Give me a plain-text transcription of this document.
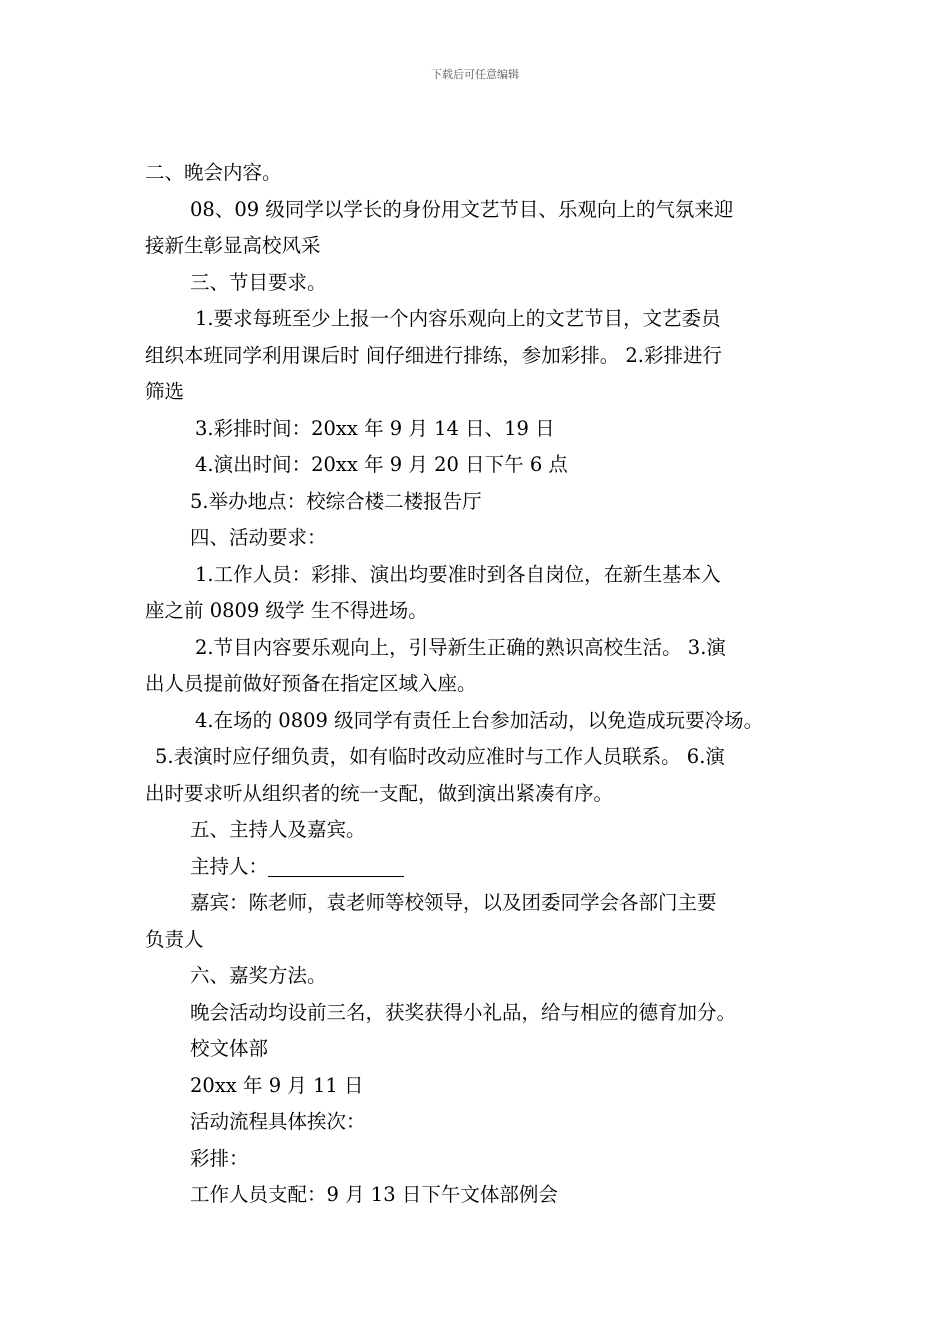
下载后可任意编辑

二、晚会内容。

08、09 级同学以学长的身份用文艺节目、乐观向上的气氛来迎

接新生彰显高校风采

三、节目要求。

1.要求每班至少上报一个内容乐观向上的文艺节目，文艺委员

组织本班同学利用课后时 间仔细进行排练，参加彩排。 2.彩排进行

筛选

3.彩排时间：20xx 年 9 月 14 日、19 日

4.演出时间：20xx 年 9 月 20 日下午 6 点

5.举办地点：校综合楼二楼报告厅

四、活动要求：

1.工作人员：彩排、演出均要准时到各自岗位，在新生基本入

座之前 0809 级学 生不得进场。

2.节目内容要乐观向上，引导新生正确的熟识高校生活。 3.演

出人员提前做好预备在指定区域入座。

4.在场的 0809 级同学有责任上台参加活动，以免造成玩要冷场。

5.表演时应仔细负责，如有临时改动应准时与工作人员联系。 6.演

出时要求听从组织者的统一支配，做到演出紧凑有序。

五、主持人及嘉宾。

主持人：

嘉宾：陈老师，袁老师等校领导，以及团委同学会各部门主要

负责人

六、嘉奖方法。

晚会活动均设前三名，获奖获得小礼品，给与相应的德育加分。

校文体部

20xx 年 9 月 11 日

活动流程具体挨次：

彩排：

工作人员支配：9 月 13 日下午文体部例会
